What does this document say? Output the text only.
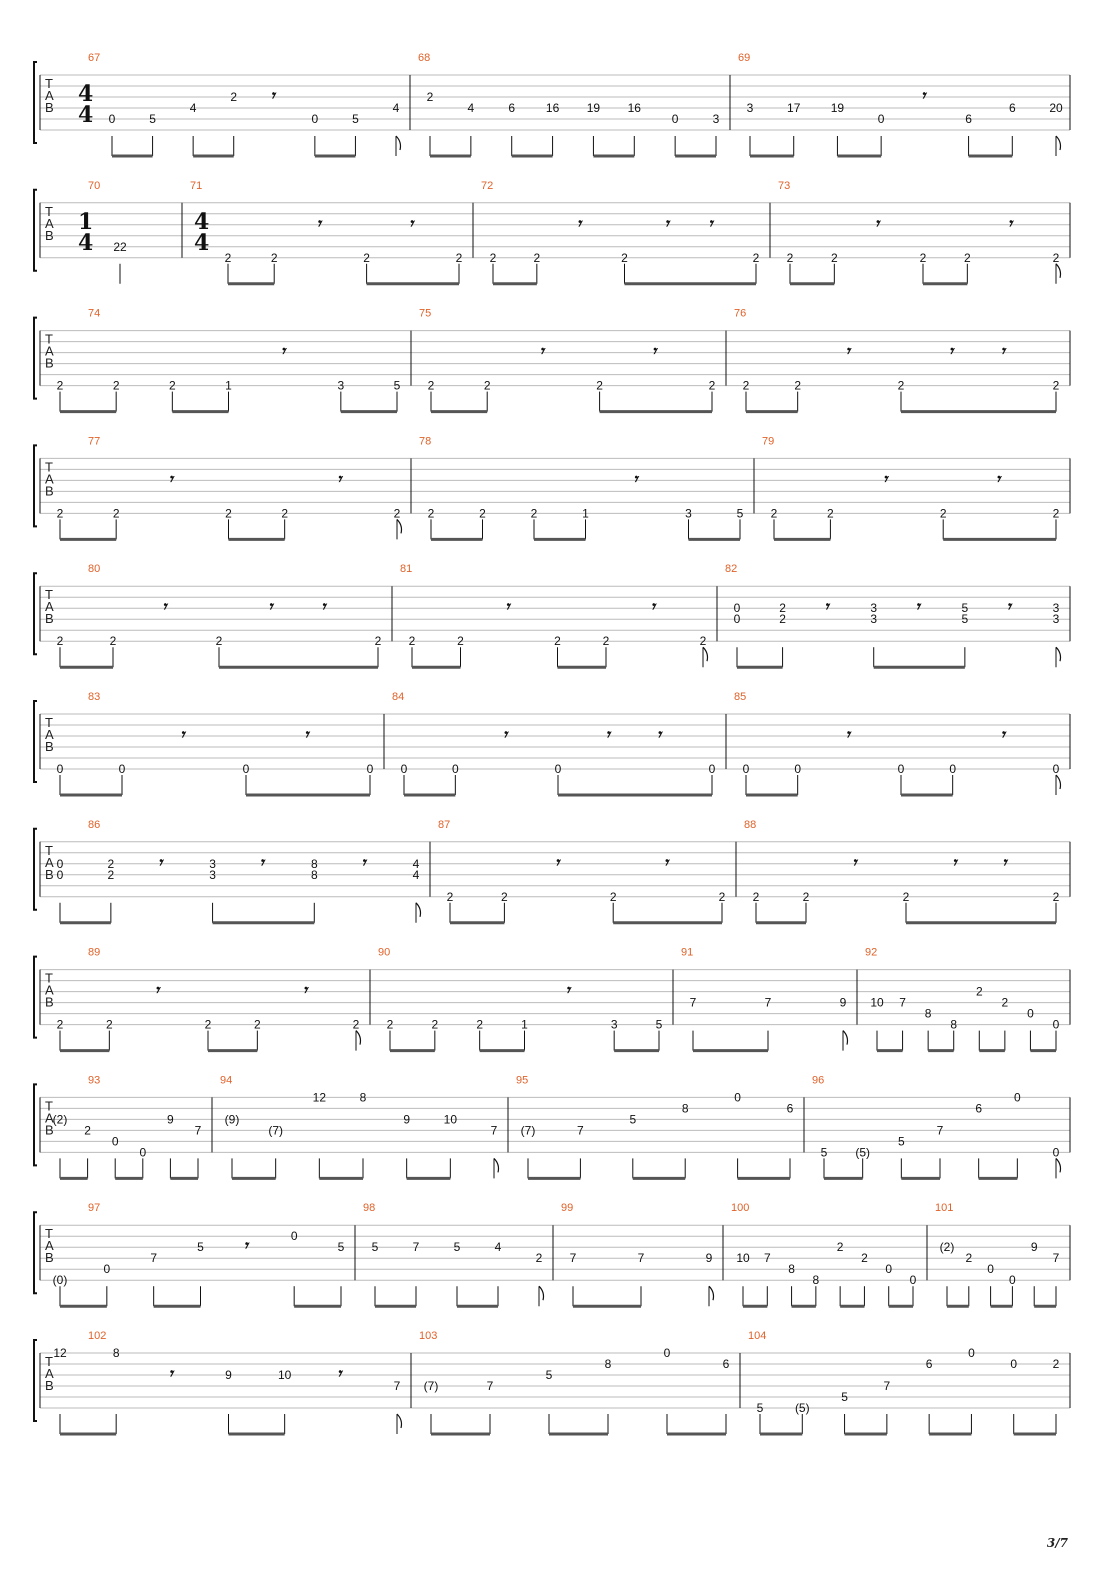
T
A
B
67
4
4 0	5
4
2 𝄾
0	5
4
68
2
4	6	16 19 16
0	3
69
3	17	19
0
𝄾
6
6	20
T
A
B
70
1
4 22
71
4
4
2	2
𝄾
2
𝄾
2
72
2	2
𝄾
2
𝄾 𝄾
2
73
2	2
𝄾
2	2
𝄾
2
T
A
B
74
2	2	2	1
𝄾
3	5
75
2	2
𝄾
2
𝄾
2
76
2	2
𝄾
2
𝄾	𝄾
2
T
A
B
77
2	2
𝄾
2	2
𝄾
2
78
2	2	2	1
𝄾
3	5
79
2	2
𝄾
2
𝄾
2
T
A
B
80
2	2
𝄾
2
𝄾	𝄾
2
81
2	2
𝄾
2	2
𝄾
2
82
0
0
2
2
𝄾	3
3
𝄾	5
5
𝄾	3
3
T
A
B
83
0	0
𝄾
0
𝄾
0
84
0	0
𝄾
0
𝄾	𝄾
0
85
0	0
𝄾
0	0
𝄾
0
T
A
B
86
0
0
2
2
𝄾	3
3
𝄾	8
8
𝄾	4
4
87
2	2
𝄾
2
𝄾
2
88
2	2
𝄾
2
𝄾	𝄾
2
T
A
B
89
2	2
𝄾
2	2
𝄾
2
90
2	2	2	1
𝄾
3	5
91
7	7	9
92
10 7
8
8
2
2
0
0
T
A
B
93
(2)
2
0
0
9
7
94
(9)
(7)
12	8
9	10
7
95
(7)	7
5
8
0
6
96
5 (5)
5
7
6
0
0
T
A
B
97
(0)
0
7
5 𝄾	0
5
98
5	7	5	4
2
99
7	7	9
100
10 7
8
8
2
2
0
0
101
(2)
2
0
0
9
7
T
A
B
102
12	8
𝄾	9	10	𝄾
7
103
(7)	7
5
8
0
6
104
5	(5)
5
7
6
0
0	2
3/7
